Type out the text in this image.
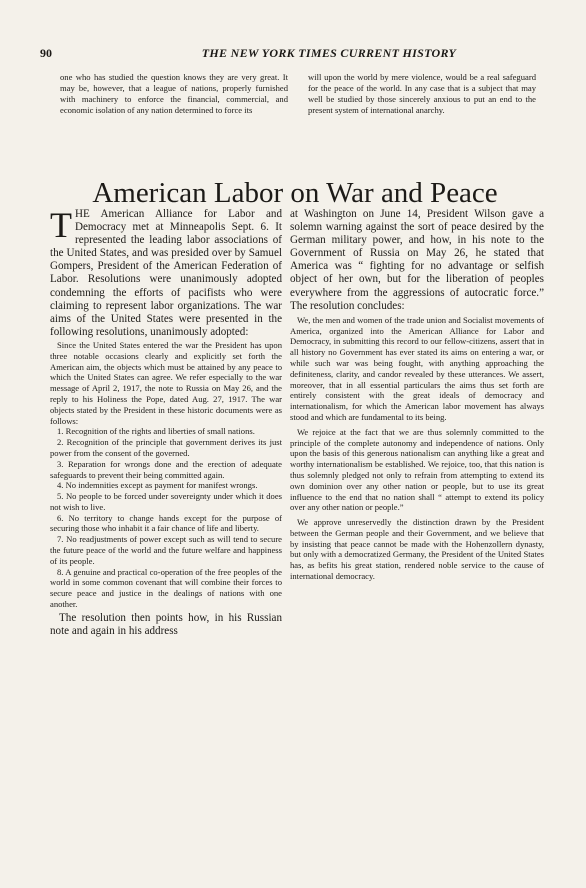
90	THE NEW YORK TIMES CURRENT HISTORY

one who has studied the question knows they are very great. It may be, however, that a league of nations, properly furnished with machinery to enforce the financial, commercial, and economic isolation of any nation determined to force its

will upon the world by mere violence, would be a real safeguard for the peace of the world. In any case that is a subject that may well be studied by those sincerely anxious to put an end to the present system of international anarchy.

American Labor on War and Peace

THE American Alliance for Labor and Democracy met at Minneapolis Sept. 6. It represented the leading labor associations of the United States, and was presided over by Samuel Gompers, President of the American Federation of Labor. Resolutions were unanimously adopted condemning the efforts of pacifists who were claiming to represent labor organizations. The war aims of the United States were presented in the following resolutions, unanimously adopted:

Since the United States entered the war the President has upon three notable occasions clearly and explicitly set forth the American aim, the objects which must be attained by any peace to which the United States can agree. We refer especially to the war message of April 2, 1917, the note to Russia on May 26, and the reply to his Holiness the Pope, dated Aug. 27, 1917. The war objects stated by the President in these historic documents were as follows:

1. Recognition of the rights and liberties of small nations.

2. Recognition of the principle that government derives its just power from the consent of the governed.

3. Reparation for wrongs done and the erection of adequate safeguards to prevent their being committed again.

4. No indemnities except as payment for manifest wrongs.

5. No people to be forced under sovereignty under which it does not wish to live.

6. No territory to change hands except for the purpose of securing those who inhabit it a fair chance of life and liberty.

7. No readjustments of power except such as will tend to secure the future peace of the world and the future welfare and happiness of its people.

8. A genuine and practical co-operation of the free peoples of the world in some common covenant that will combine their forces to secure peace and justice in the dealings of nations with one another.

The resolution then points how, in his Russian note and again in his address

at Washington on June 14, President Wilson gave a solemn warning against the sort of peace desired by the German military power, and how, in his note to the Government of Russia on May 26, he stated that America was “ fighting for no advantage or selfish object of her own, but for the liberation of peoples everywhere from the aggressions of autocratic force.” The resolution concludes:

We, the men and women of the trade union and Socialist movements of America, organized into the American Alliance for Labor and Democracy, in submitting this record to our fellow-citizens, assert that in all history no Government has ever stated its aims on entering a war, or while such war was being fought, with anything approaching the definiteness, clarity, and candor revealed by these utterances. We assert, moreover, that in all essential particulars the aims thus set forth are entirely consistent with the great ideals of democracy and internationalism, for which the American labor movement has always stood and which are fundamental to its being.

We rejoice at the fact that we are thus solemnly committed to the principle of the complete autonomy and independence of nations. Only upon the basis of this generous nationalism can anything like a great and worthy internationalism be established. We rejoice, too, that this nation is thus solemnly pledged not only to refrain from attempting to extend its own dominion over any other nation or people, but to use its great influence to the end that no nation shall “ attempt to extend its policy over any other nation or people.”

We approve unreservedly the distinction drawn by the President between the German people and their Government, and we believe that by insisting that peace cannot be made with the Hohenzollern dynasty, but only with a democratized Germany, the President of the United States has, as befits his great station, rendered noble service to the cause of international democracy.
